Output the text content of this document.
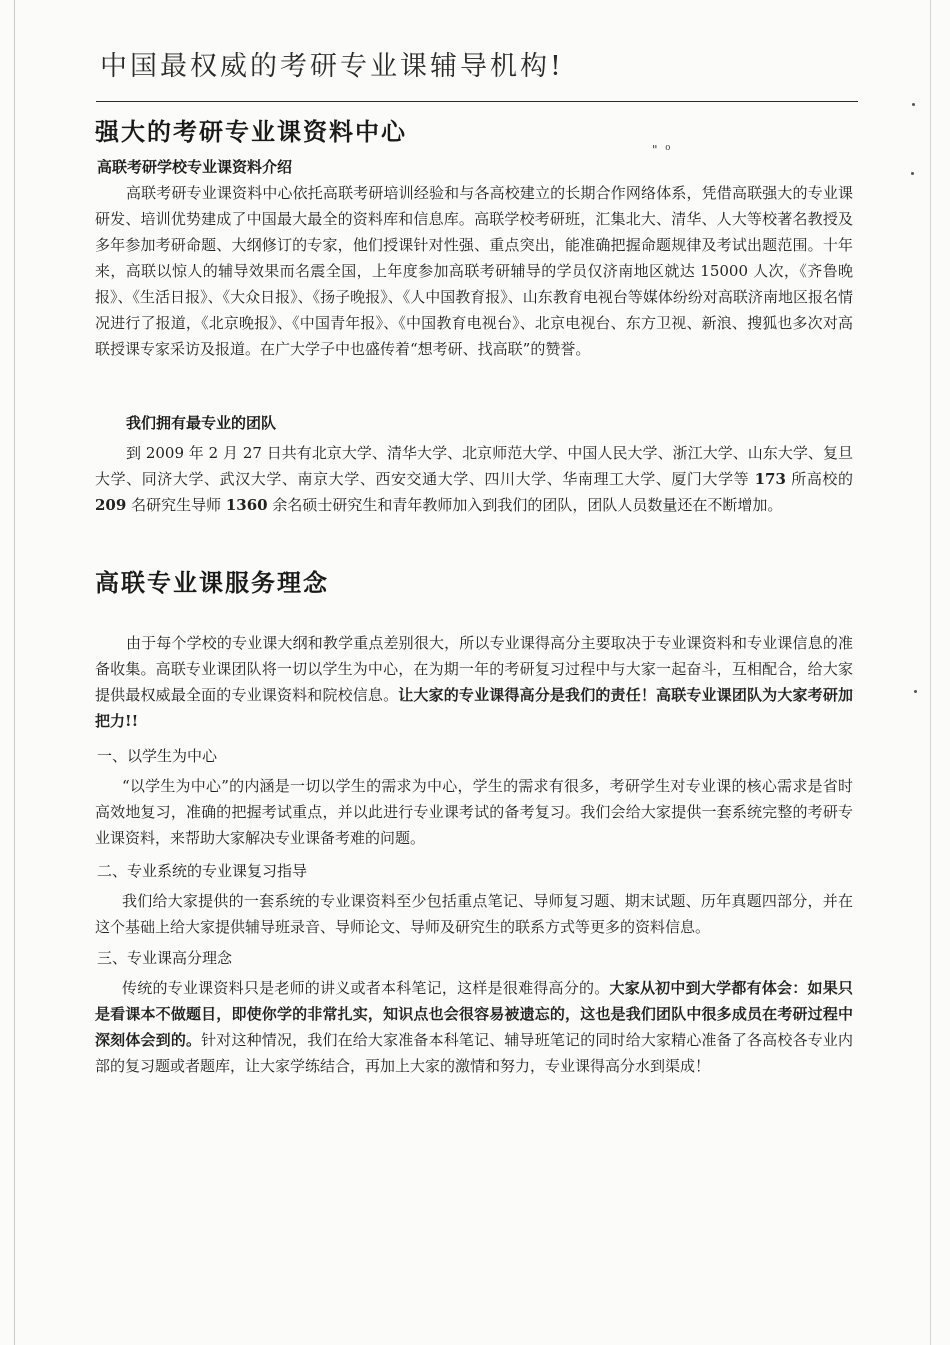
" ⁰
中国最权威的考研专业课辅导机构!
强大的考研专业课资料中心
高联考研学校专业课资料介绍

高联考研专业课资料中心依托高联考研培训经验和与各高校建立的长期合作网络体系，凭借高联强大的专业课研发、培训优势建成了中国最大最全的资料库和信息库。高联学校考研班，汇集北大、清华、人大等校著名教授及多年参加考研命题、大纲修订的专家，他们授课针对性强、重点突出，能准确把握命题规律及考试出题范围。十年来，高联以惊人的辅导效果而名震全国，上年度参加高联考研辅导的学员仅济南地区就达 15000 人次，《齐鲁晚报》、《生活日报》、《大众日报》、《扬子晚报》、《人中国教育报》、山东教育电视台等媒体纷纷对高联济南地区报名情况进行了报道，《北京晚报》、《中国青年报》、《中国教育电视台》、北京电视台、东方卫视、新浪、搜狐也多次对高联授课专家采访及报道。在广大学子中也盛传着“想考研、找高联”的赞誉。

我们拥有最专业的团队

到 2009 年 2 月 27 日共有北京大学、清华大学、北京师范大学、中国人民大学、浙江大学、山东大学、复旦大学、同济大学、武汉大学、南京大学、西安交通大学、四川大学、华南理工大学、厦门大学等 173 所高校的 209 名研究生导师 1360 余名硕士研究生和青年教师加入到我们的团队，团队人员数量还在不断增加。

高联专业课服务理念

由于每个学校的专业课大纲和教学重点差别很大，所以专业课得高分主要取决于专业课资料和专业课信息的准备收集。高联专业课团队将一切以学生为中心，在为期一年的考研复习过程中与大家一起奋斗，互相配合，给大家提供最权威最全面的专业课资料和院校信息。让大家的专业课得高分是我们的责任！高联专业课团队为大家考研加把力!!

一、以学生为中心

“以学生为中心”的内涵是一切以学生的需求为中心，学生的需求有很多，考研学生对专业课的核心需求是省时高效地复习，准确的把握考试重点，并以此进行专业课考试的备考复习。我们会给大家提供一套系统完整的考研专业课资料，来帮助大家解决专业课备考难的问题。

二、专业系统的专业课复习指导

我们给大家提供的一套系统的专业课资料至少包括重点笔记、导师复习题、期末试题、历年真题四部分，并在这个基础上给大家提供辅导班录音、导师论文、导师及研究生的联系方式等更多的资料信息。

三、专业课高分理念

传统的专业课资料只是老师的讲义或者本科笔记，这样是很难得高分的。大家从初中到大学都有体会：如果只是看课本不做题目，即使你学的非常扎实，知识点也会很容易被遗忘的，这也是我们团队中很多成员在考研过程中深刻体会到的。针对这种情况，我们在给大家准备本科笔记、辅导班笔记的同时给大家精心准备了各高校各专业内部的复习题或者题库，让大家学练结合，再加上大家的激情和努力，专业课得高分水到渠成！
